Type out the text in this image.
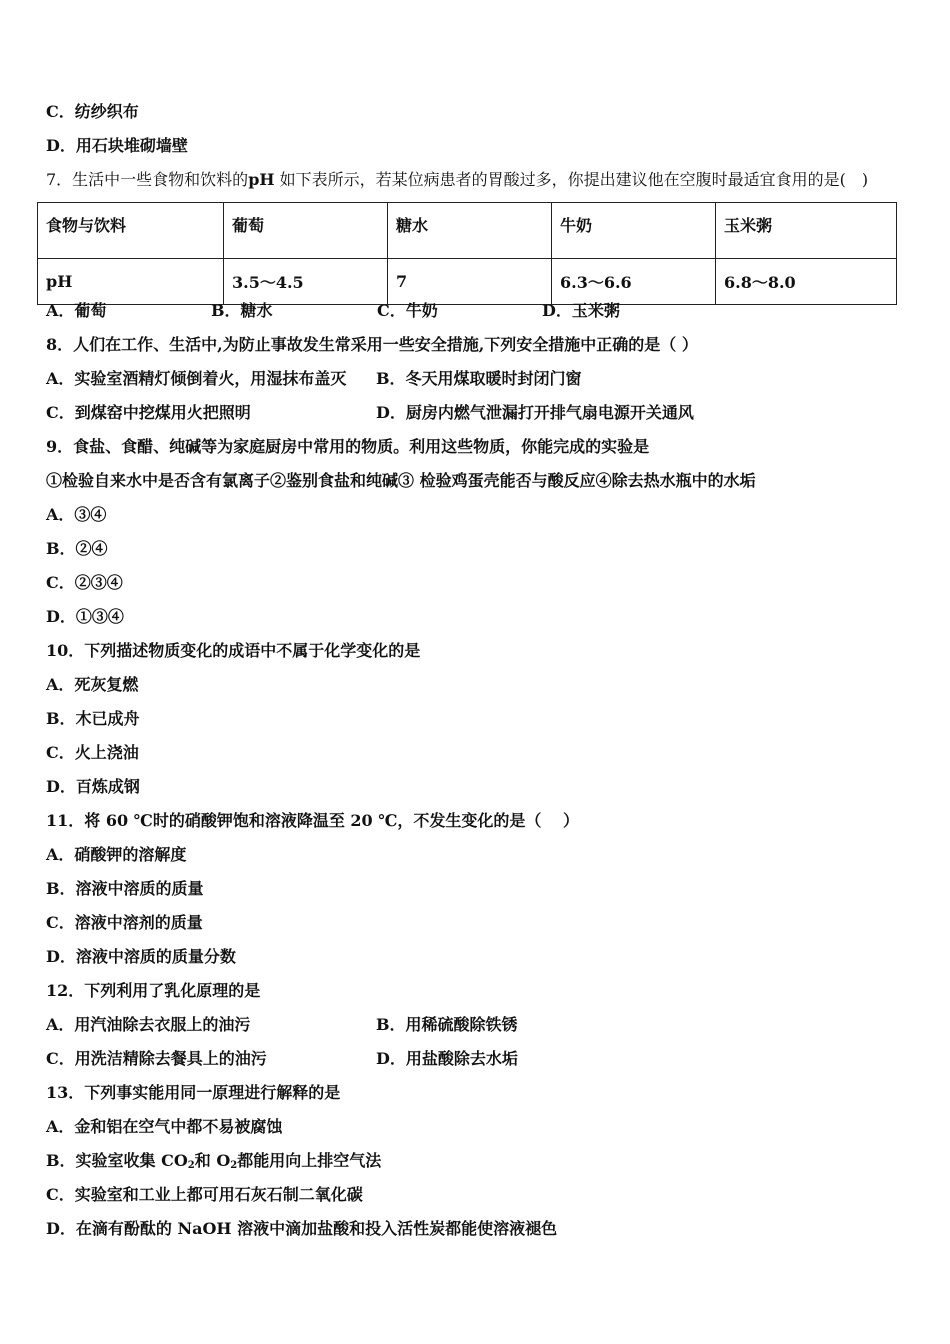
C．纺纱织布
D．用石块堆砌墙壁
7．生活中一些食物和饮料的pH 如下表所示，若某位病患者的胃酸过多，你提出建议他在空腹时最适宜食用的是(　)
食物与饮料	葡萄	糖水	牛奶	玉米粥
pH	3.5～4.5	7	6.3～6.6	6.8～8.0
A．葡萄	B．糖水	C．牛奶	D．玉米粥
8．人们在工作、生活中,为防止事故发生常采用一些安全措施,下列安全措施中正确的是（ ）
A．实验室酒精灯倾倒着火，用湿抹布盖灭 B．冬天用煤取暖时封闭门窗
C．到煤窑中挖煤用火把照明	D．厨房内燃气泄漏打开排气扇电源开关通风
9．食盐、食醋、纯碱等为家庭厨房中常用的物质。利用这些物质，你能完成的实验是
①检验自来水中是否含有氯离子②鉴别食盐和纯碱③ 检验鸡蛋壳能否与酸反应④除去热水瓶中的水垢
A．③④
B．②④
C．②③④
D．①③④
10．下列描述物质变化的成语中不属于化学变化的是
A．死灰复燃
B．木已成舟
C．火上浇油
D．百炼成钢
11．将 60 ℃时的硝酸钾饱和溶液降温至 20 ℃，不发生变化的是（　 ）
A．硝酸钾的溶解度
B．溶液中溶质的质量
C．溶液中溶剂的质量
D．溶液中溶质的质量分数
12．下列利用了乳化原理的是
A．用汽油除去衣服上的油污	B．用稀硫酸除铁锈
C．用洗洁精除去餐具上的油污	D．用盐酸除去水垢
13．下列事实能用同一原理进行解释的是
A．金和铝在空气中都不易被腐蚀
B．实验室收集 $CO_2$和 $O_2$都能用向上排空气法
C．实验室和工业上都可用石灰石制二氧化碳
D．在滴有酚酞的 NaOH 溶液中滴加盐酸和投入活性炭都能使溶液褪色
